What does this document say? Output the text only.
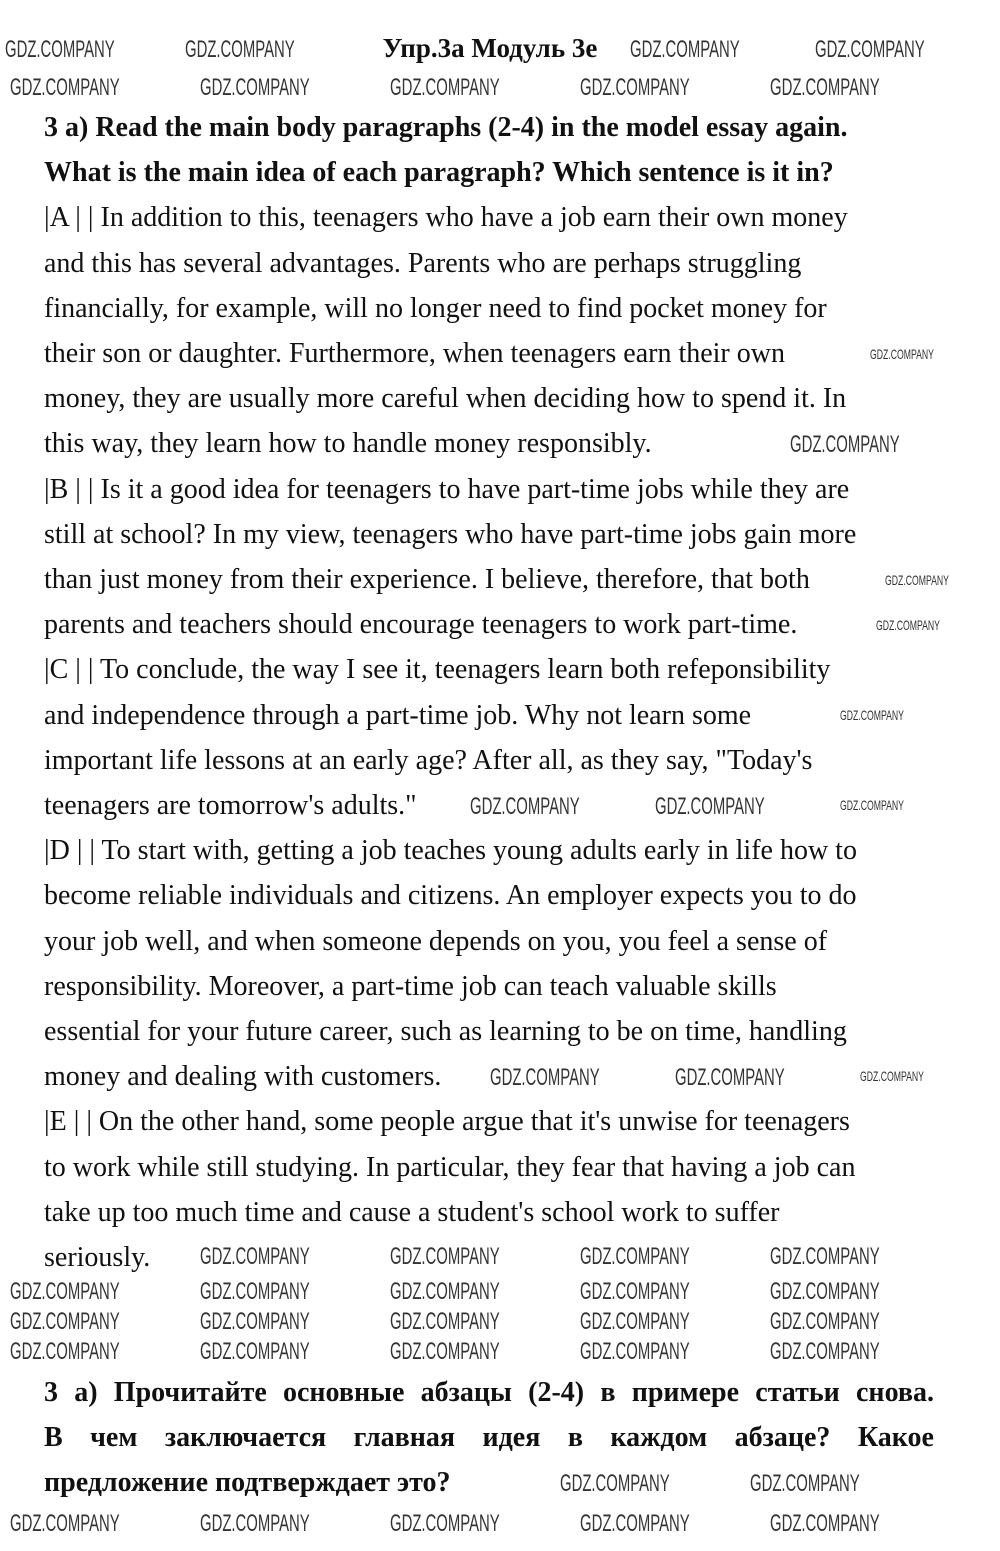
Упр.3а Модуль 3е
3 a) Read the main body paragraphs (2-4) in the model essay again.
What is the main idea of each paragraph? Which sentence is it in?
|A | | In addition to this, teenagers who have a job earn their own money
and this has several advantages. Parents who are perhaps struggling
financially, for example, will no longer need to find pocket money for
their son or daughter. Furthermore, when teenagers earn their own
money, they are usually more careful when deciding how to spend it. In
this way, they learn how to handle money responsibly.
|B | | Is it a good idea for teenagers to have part-time jobs while they are
still at school? In my view, teenagers who have part-time jobs gain more
than just money from their experience. I believe, therefore, that both
parents and teachers should encourage teenagers to work part-time.
|C | | To conclude, the way I see it, teenagers learn both refeponsibility
and independence through a part-time job. Why not learn some
important life lessons at an early age? After all, as they say, "Today's
teenagers are tomorrow's adults."
|D | | To start with, getting a job teaches young adults early in life how to
become reliable individuals and citizens. An employer expects you to do
your job well, and when someone depends on you, you feel a sense of
responsibility. Moreover, a part-time job can teach valuable skills
essential for your future career, such as learning to be on time, handling
money and dealing with customers.
|E | | On the other hand, some people argue that it's unwise for teenagers
to work while still studying. In particular, they fear that having a job can
take up too much time and cause a student's school work to suffer
seriously.
3 а) Прочитайте основные абзацы (2-4) в примере статьи снова.
В чем заключается главная идея в каждом абзаце? Какое
предложение подтверждает это?
GDZ.COMPANY	GDZ.COMPANY	GDZ.COMPANY	GDZ.COMPANY
GDZ.COMPANY	GDZ.COMPANY	GDZ.COMPANY	GDZ.COMPANY	GDZ.COMPANY
GDZ.COMPANY
GDZ.COMPANY
GDZ.COMPANY
GDZ.COMPANY
GDZ.COMPANY
GDZ.COMPANY	GDZ.COMPANY	GDZ.COMPANY
GDZ.COMPANY	GDZ.COMPANY	GDZ.COMPANY
GDZ.COMPANY	GDZ.COMPANY	GDZ.COMPANY	GDZ.COMPANY
GDZ.COMPANY	GDZ.COMPANY	GDZ.COMPANY	GDZ.COMPANY	GDZ.COMPANY
GDZ.COMPANY	GDZ.COMPANY	GDZ.COMPANY	GDZ.COMPANY	GDZ.COMPANY
GDZ.COMPANY	GDZ.COMPANY	GDZ.COMPANY	GDZ.COMPANY	GDZ.COMPANY
GDZ.COMPANY	GDZ.COMPANY
GDZ.COMPANY	GDZ.COMPANY	GDZ.COMPANY	GDZ.COMPANY	GDZ.COMPANY
